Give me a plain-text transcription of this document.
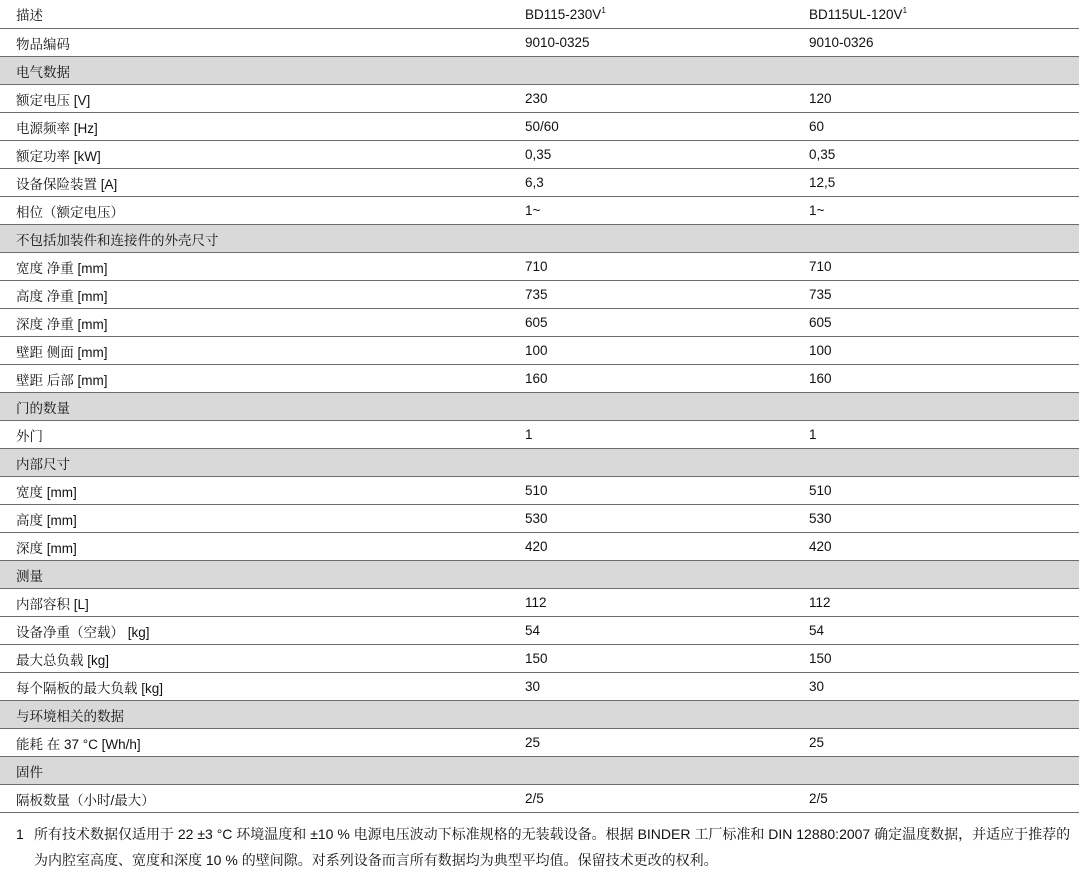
描述	$BD115-230V^1$	$BD115UL-120V^1$
物品编码	9010-0325	9010-0326
电气数据		
额定电压 [V]	230	120
电源频率 [Hz]	50/60	60
额定功率 [kW]	0,35	0,35
设备保险装置 [A]	6,3	12,5
相位（额定电压）	1~	1~
不包括加装件和连接件的外壳尺寸		
宽度 净重 [mm]	710	710
高度 净重 [mm]	735	735
深度 净重 [mm]	605	605
壁距 侧面 [mm]	100	100
壁距 后部 [mm]	160	160
门的数量		
外门	1	1
内部尺寸		
宽度 [mm]	510	510
高度 [mm]	530	530
深度 [mm]	420	420
测量		
内部容积 [L]	112	112
设备净重（空载） [kg]	54	54
最大总负载 [kg]	150	150
每个隔板的最大负载 [kg]	30	30
与环境相关的数据		
能耗 在 37 °C [Wh/h]	25	25
固件		
隔板数量（小时/最大）	2/5	2/5
1 所有技术数据仅适用于 22 ±3 °C 环境温度和 ±10 % 电源电压波动下标准规格的无装载设备。根据 BINDER 工厂标准和 DIN 12880:2007 确定温度数据，并适应于推荐的为内腔室高度、宽度和深度 10 % 的壁间隙。对系列设备而言所有数据均为典型平均值。保留技术更改的权利。
